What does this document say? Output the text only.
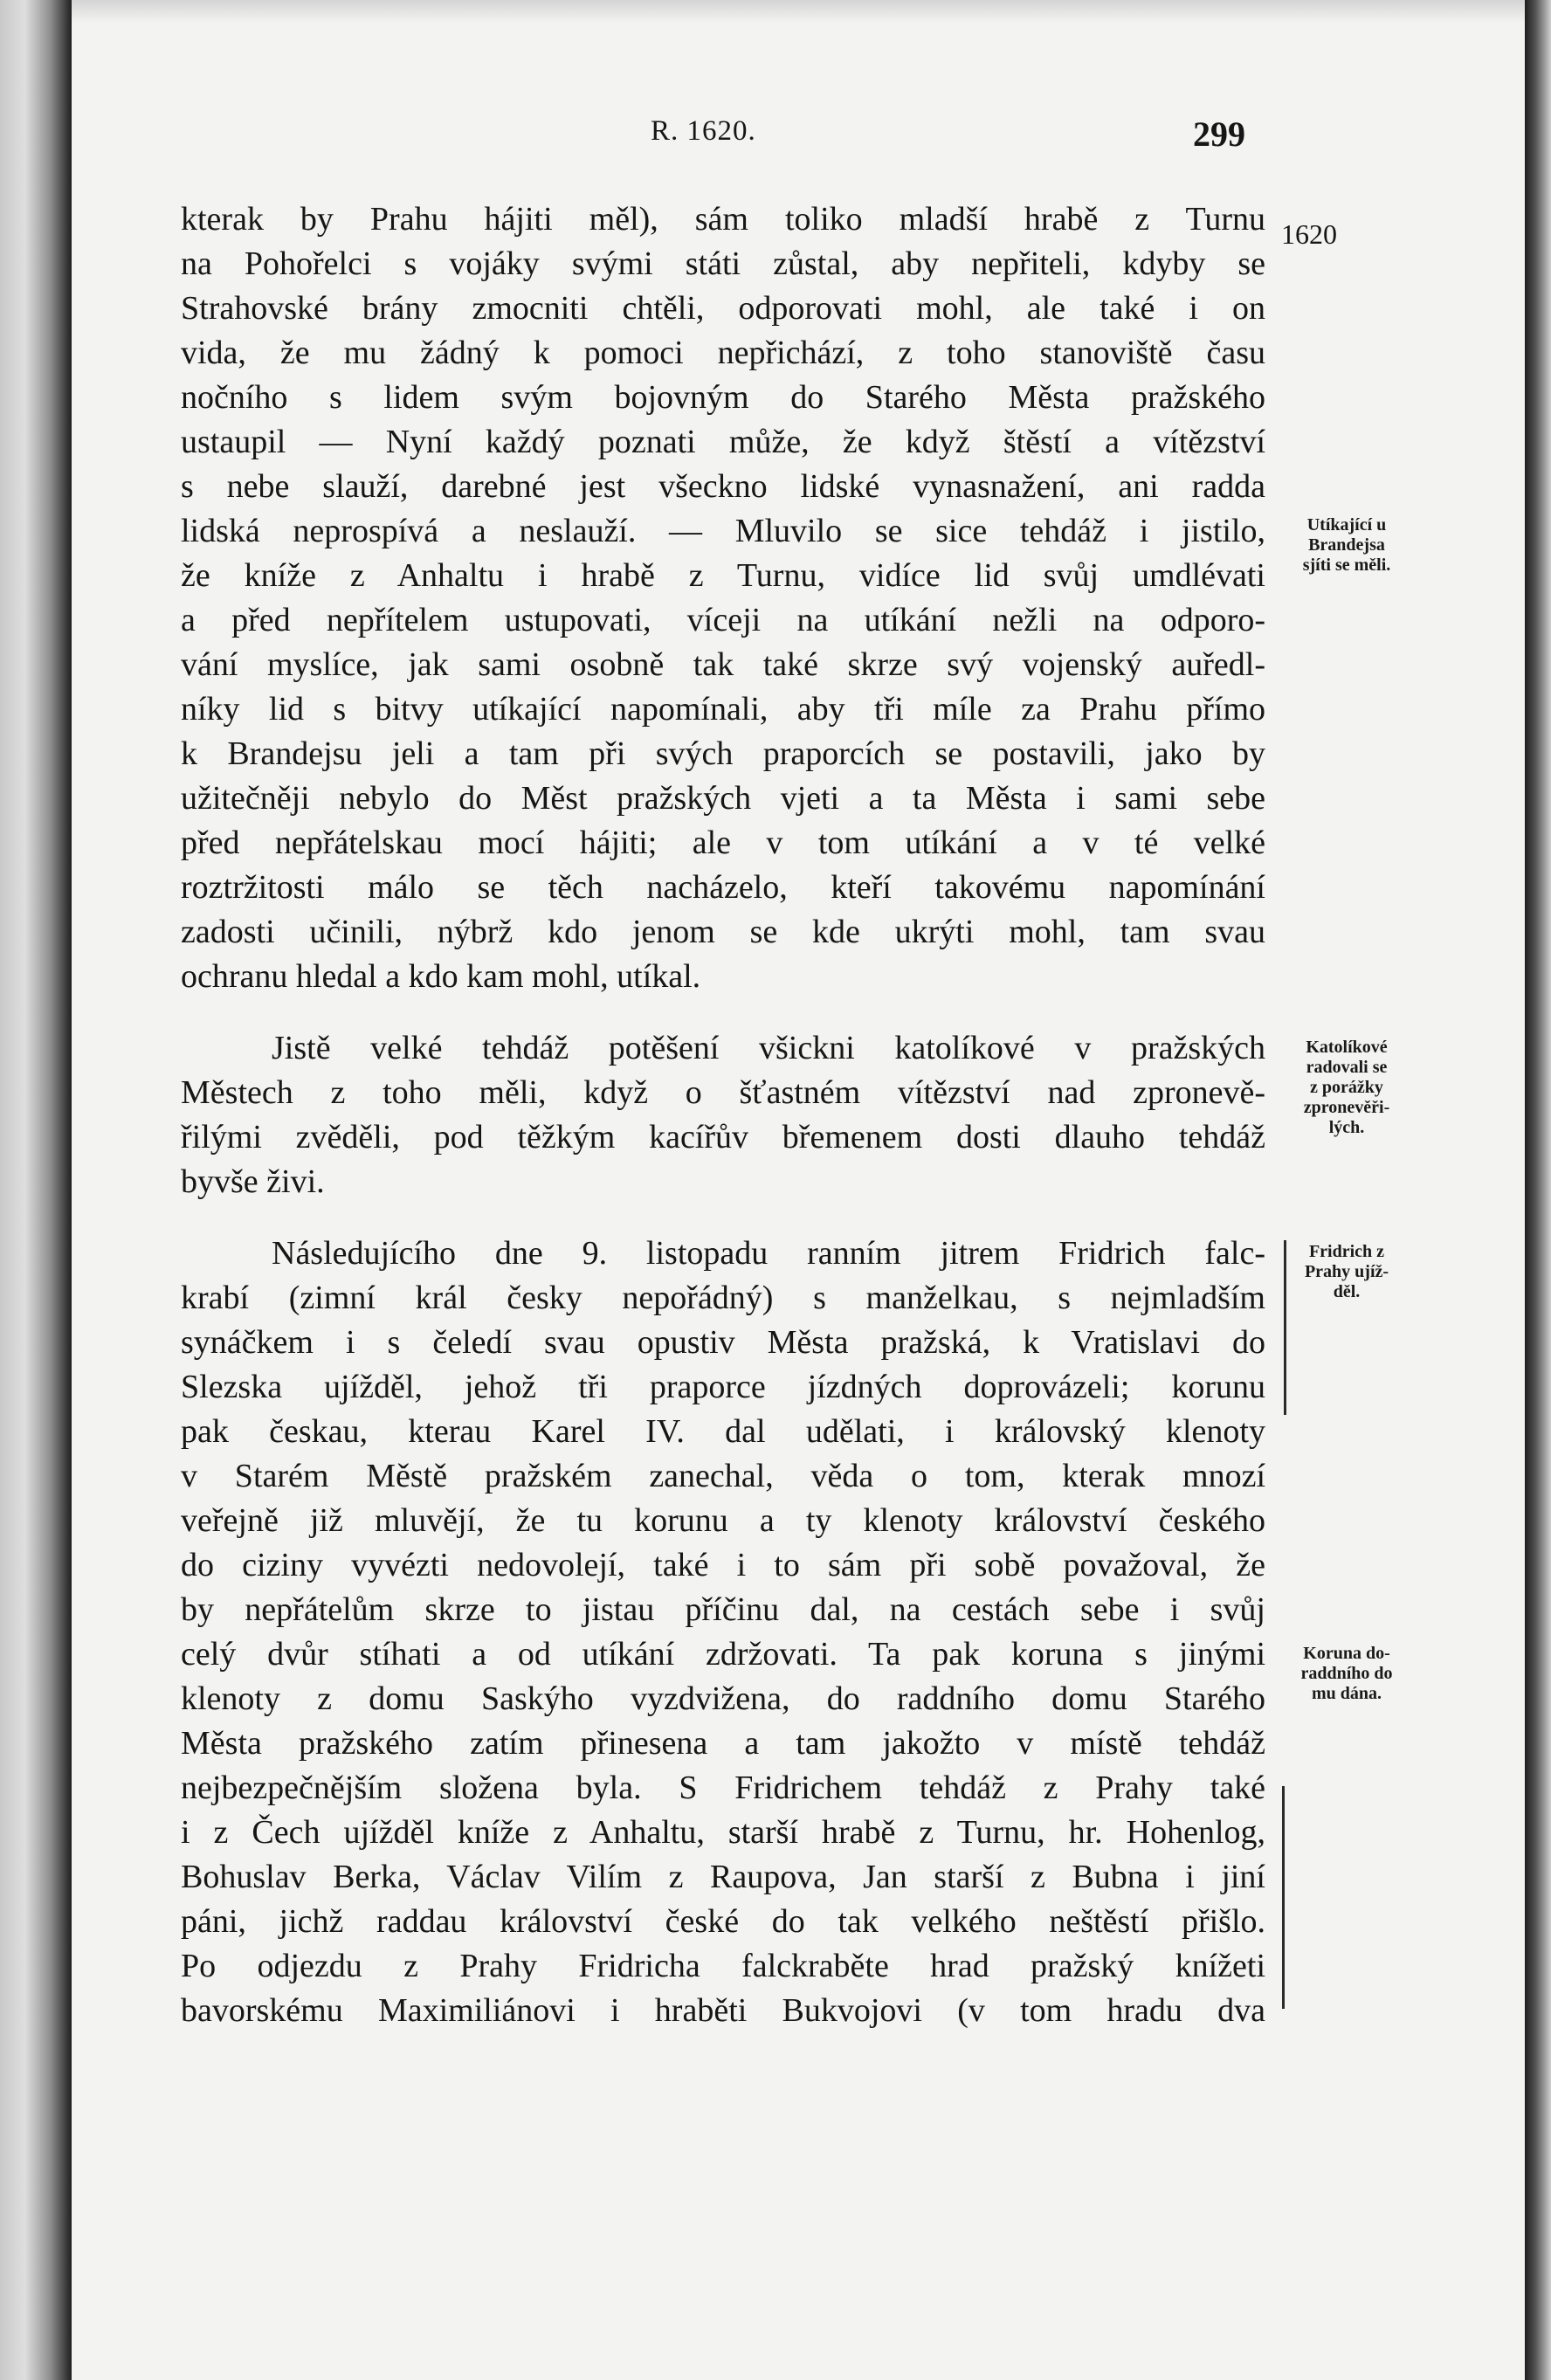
R. 1620.	299
1620
kterak by Prahu hájiti měl), sám toliko mladší hrabě z Turnu
na Pohořelci s vojáky svými státi zůstal, aby nepřiteli, kdyby se
Strahovské brány zmocniti chtěli, odporovati mohl, ale také i on
vida, že mu žádný k pomoci nepřichází, z toho stanoviště času
nočního s lidem svým bojovným do Starého Města pražského
ustaupil — Nyní každý poznati může, že když štěstí a vítězství
s nebe slauží, darebné jest všeckno lidské vynasnažení, ani radda
lidská neprospívá a neslauží. — Mluvilo se sice tehdáž i jistilo,
že kníže z Anhaltu i hrabě z Turnu, vidíce lid svůj umdlévati
a před nepřítelem ustupovati, víceji na utíkání nežli na odporo-
vání myslíce, jak sami osobně tak také skrze svý vojenský auředl-
níky lid s bitvy utíkající napomínali, aby tři míle za Prahu přímo
k Brandejsu jeli a tam při svých praporcích se postavili, jako by
užitečněji nebylo do Měst pražských vjeti a ta Města i sami sebe
před nepřátelskau mocí hájiti; ale v tom utíkání a v té velké
roztržitosti málo se těch nacházelo, kteří takovému napomínání
zadosti učinili, nýbrž kdo jenom se kde ukrýti mohl, tam svau
ochranu hledal a kdo kam mohl, utíkal.
Jistě velké tehdáž potěšení všickni katolíkové v pražských
Městech z toho měli, když o šťastném vítězství nad zpronevě-
řilými zvěděli, pod těžkým kacířův břemenem dosti dlauho tehdáž
byvše živi.
Následujícího dne 9. listopadu ranním jitrem Fridrich falc-
krabí (zimní král česky nepořádný) s manželkau, s nejmladším
synáčkem i s čeledí svau opustiv Města pražská, k Vratislavi do
Slezska ujížděl, jehož tři praporce jízdných doprovázeli; korunu
pak českau, kterau Karel IV. dal udělati, i královský klenoty
v Starém Městě pražském zanechal, věda o tom, kterak mnozí
veřejně již mluvějí, že tu korunu a ty klenoty království českého
do ciziny vyvézti nedovolejí, také i to sám při sobě považoval, že
by nepřátelům skrze to jistau příčinu dal, na cestách sebe i svůj
celý dvůr stíhati a od utíkání zdržovati. Ta pak koruna s jinými
klenoty z domu Saskýho vyzdvižena, do raddního domu Starého
Města pražského zatím přinesena a tam jakožto v místě tehdáž
nejbezpečnějším složena byla. S Fridrichem tehdáž z Prahy také
i z Čech ujížděl kníže z Anhaltu, starší hrabě z Turnu, hr. Hohenlog,
Bohuslav Berka, Václav Vilím z Raupova, Jan starší z Bubna i jiní
páni, jichž raddau království české do tak velkého neštěstí přišlo.
Po odjezdu z Prahy Fridricha falckraběte hrad pražský knížeti
bavorskému Maximiliánovi i hraběti Bukvojovi (v tom hradu dva
Utíkající u
Brandejsa
sjíti se měli.
Katolíkové
radovali se
z porážky
zpronevěři-
lých.
Fridrich z
Prahy ujíž-
děl.
Koruna do-
raddního do
mu dána.
